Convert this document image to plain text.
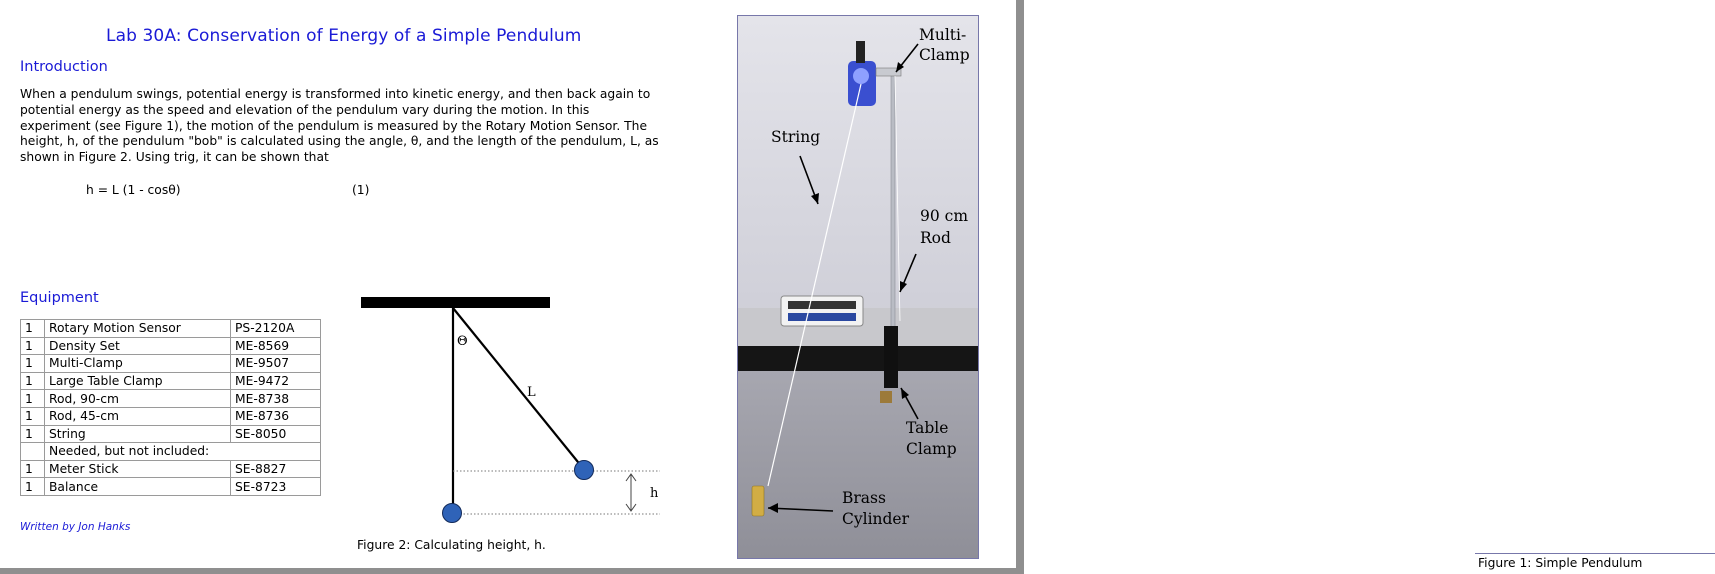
Lab 30A: Conservation of Energy of a Simple Pendulum
Introduction
When a pendulum swings, potential energy is transformed into kinetic energy, and then back again to
potential energy as the speed and elevation of the pendulum vary during the motion. In this
experiment (see Figure 1), the motion of the pendulum is measured by the Rotary Motion Sensor. The
height, h, of the pendulum "bob" is calculated using the angle, θ, and the length of the pendulum, L, as
shown in Figure 2. Using trig, it can be shown that
h = L (1 - cosθ)	(1)
Equipment
1	Rotary Motion Sensor	PS-2120A
1	Density Set	ME-8569
1	Multi-Clamp	ME-9507
1	Large Table Clamp	ME-9472
1	Rod, 90-cm	ME-8738
1	Rod, 45-cm	ME-8736
1	String	SE-8050
	Needed, but not included:	
1	Meter Stick	SE-8827
1	Balance	SE-8723
Written by Jon Hanks
Θ
L
h
Figure 2: Calculating height, h.
Multi-
Clamp
String
90 cm
Rod
Table
Clamp
Brass
Cylinder
Figure 1: Simple Pendulum
